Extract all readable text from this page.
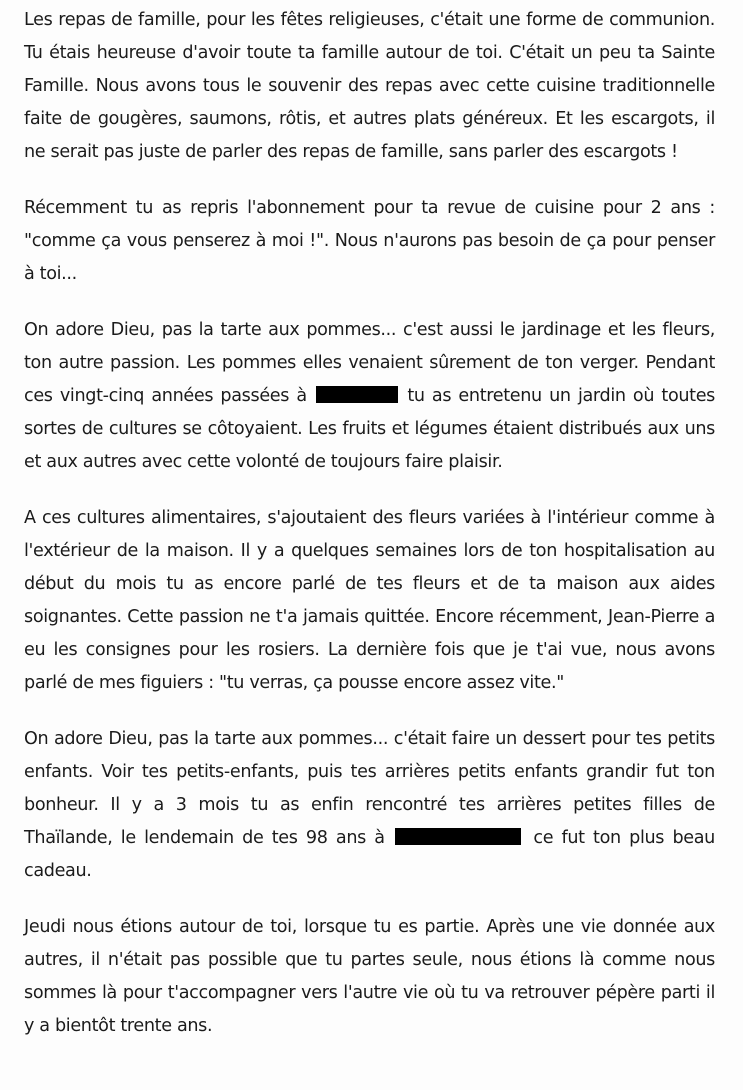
Les repas de famille, pour les fêtes religieuses, c'était une forme de communion. Tu étais heureuse d'avoir toute ta famille autour de toi. C'était un peu ta Sainte Famille. Nous avons tous le souvenir des repas avec cette cuisine traditionnelle faite de gougères, saumons, rôtis, et autres plats généreux. Et les escargots, il ne serait pas juste de parler des repas de famille, sans parler des escargots !

Récemment tu as repris l'abonnement pour ta revue de cuisine pour 2 ans : "comme ça vous penserez à moi !". Nous n'aurons pas besoin de ça pour penser à toi...

On adore Dieu, pas la tarte aux pommes... c'est aussi le jardinage et les fleurs, ton autre passion. Les pommes elles venaient sûrement de ton verger. Pendant ces vingt-cinq années passées à	tu as entretenu un jardin où toutes sortes de cultures se côtoyaient. Les fruits et légumes étaient distribués aux uns et aux autres avec cette volonté de toujours faire plaisir.

A ces cultures alimentaires, s'ajoutaient des fleurs variées à l'intérieur comme à l'extérieur de la maison. Il y a quelques semaines lors de ton hospitalisation au début du mois tu as encore parlé de tes fleurs et de ta maison aux aides soignantes. Cette passion ne t'a jamais quittée. Encore récemment, Jean-Pierre a eu les consignes pour les rosiers. La dernière fois que je t'ai vue, nous avons parlé de mes figuiers : "tu verras, ça pousse encore assez vite."

On adore Dieu, pas la tarte aux pommes... c'était faire un dessert pour tes petits enfants. Voir tes petits-enfants, puis tes arrières petits enfants grandir fut ton bonheur. Il y a 3 mois tu as enfin rencontré tes arrières petites filles de Thaïlande, le lendemain de tes 98 ans à	ce fut ton plus beau cadeau.

Jeudi nous étions autour de toi, lorsque tu es partie. Après une vie donnée aux autres, il n'était pas possible que tu partes seule, nous étions là comme nous sommes là pour t'accompagner vers l'autre vie où tu va retrouver pépère parti il y a bientôt trente ans.
